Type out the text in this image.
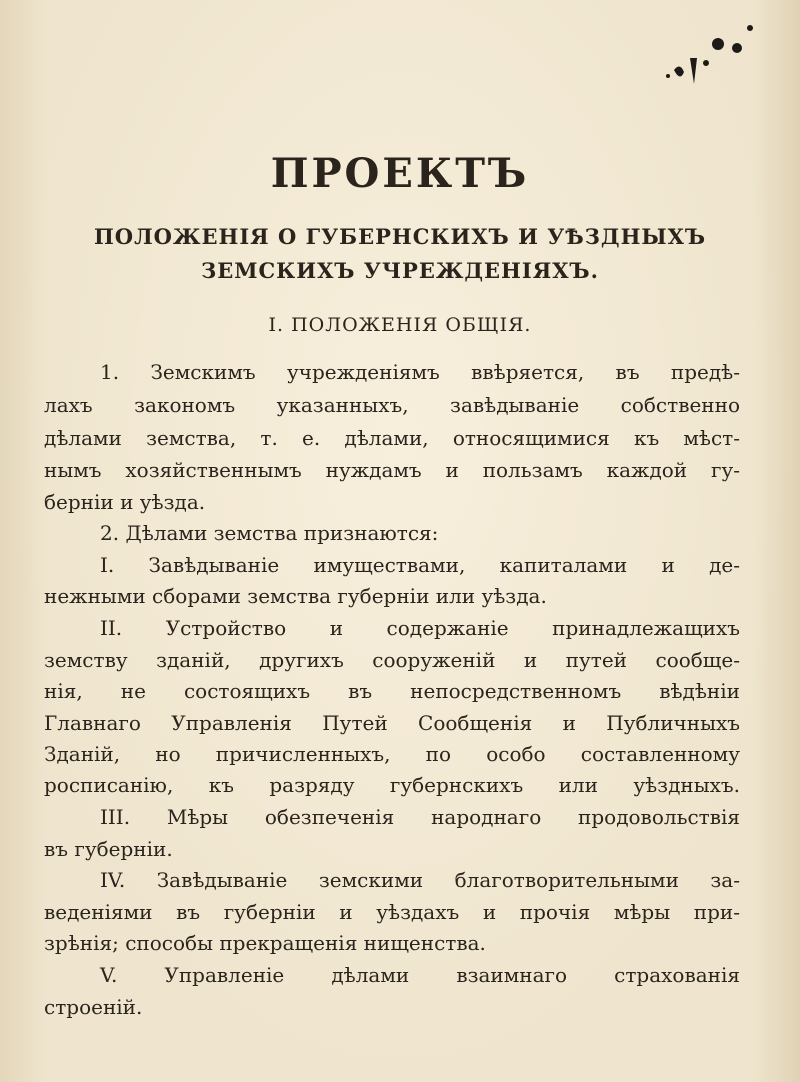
ПРОЕКТЪ
ПОЛОЖЕНІЯ О ГУБЕРНСКИХЪ И УѢЗДНЫХЪ
ЗЕМСКИХЪ УЧРЕЖДЕНІЯХЪ.
I. ПОЛОЖЕНІЯ ОБЩІЯ.
1. Земскимъ учрежденіямъ ввѣряется, въ предѣ-
лахъ закономъ указанныхъ, завѣдываніе собственно
дѣлами земства, т. е. дѣлами, относящимися къ мѣст-
нымъ хозяйственнымъ нуждамъ и пользамъ каждой гу-
берніи и уѣзда.
2. Дѣлами земства признаются:
I. Завѣдываніе имуществами, капиталами и де-
нежными сборами земства губерніи или уѣзда.
II. Устройство и содержаніе принадлежащихъ
земству зданій, другихъ сооруженій и путей сообще-
нія, не состоящихъ въ непосредственномъ вѣдѣніи
Главнаго Управленія Путей Сообщенія и Публичныхъ
Зданій, но причисленныхъ, по особо составленному
росписанію, къ разряду губернскихъ или уѣздныхъ.
III. Мѣры обезпеченія народнаго продовольствія
въ губерніи.
IV. Завѣдываніе земскими благотворительными за-
веденіями въ губерніи и уѣздахъ и прочія мѣры при-
зрѣнія; способы прекращенія нищенства.
V. Управленіе дѣлами взаимнаго страхованія
строеній.
